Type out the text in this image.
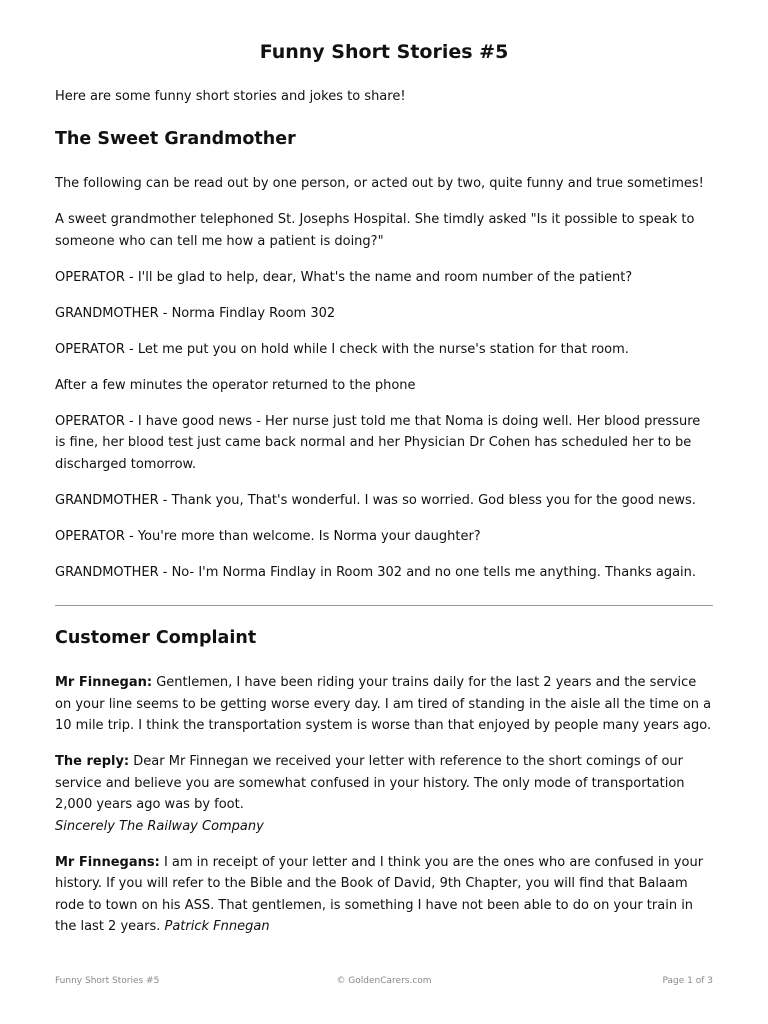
Funny Short Stories #5

Here are some funny short stories and jokes to share!

The Sweet Grandmother

The following can be read out by one person, or acted out by two, quite funny and true sometimes!

A sweet grandmother telephoned St. Josephs Hospital. She timdly asked "Is it possible to speak to someone who can tell me how a patient is doing?"

OPERATOR - I'll be glad to help, dear, What's the name and room number of the patient?

GRANDMOTHER - Norma Findlay Room 302

OPERATOR - Let me put you on hold while I check with the nurse's station for that room.

After a few minutes the operator returned to the phone

OPERATOR - I have good news - Her nurse just told me that Noma is doing well. Her blood pressure is fine, her blood test just came back normal and her Physician Dr Cohen has scheduled her to be discharged tomorrow.

GRANDMOTHER - Thank you, That's wonderful. I was so worried. God bless you for the good news.

OPERATOR - You're more than welcome. Is Norma your daughter?

GRANDMOTHER - No- I'm Norma Findlay in Room 302 and no one tells me anything. Thanks again.

Customer Complaint

Mr Finnegan: Gentlemen, I have been riding your trains daily for the last 2 years and the service on your line seems to be getting worse every day. I am tired of standing in the aisle all the time on a 10 mile trip. I think the transportation system is worse than that enjoyed by people many years ago.

The reply: Dear Mr Finnegan we received your letter with reference to the short comings of our service and believe you are somewhat confused in your history. The only mode of transportation 2,000 years ago was by foot.
Sincerely The Railway Company

Mr Finnegans: I am in receipt of your letter and I think you are the ones who are confused in your history. If you will refer to the Bible and the Book of David, 9th Chapter, you will find that Balaam rode to town on his ASS. That gentlemen, is something I have not been able to do on your train in the last 2 years. Patrick Fnnegan

Funny Short Stories #5	© GoldenCarers.com	Page 1 of 3
